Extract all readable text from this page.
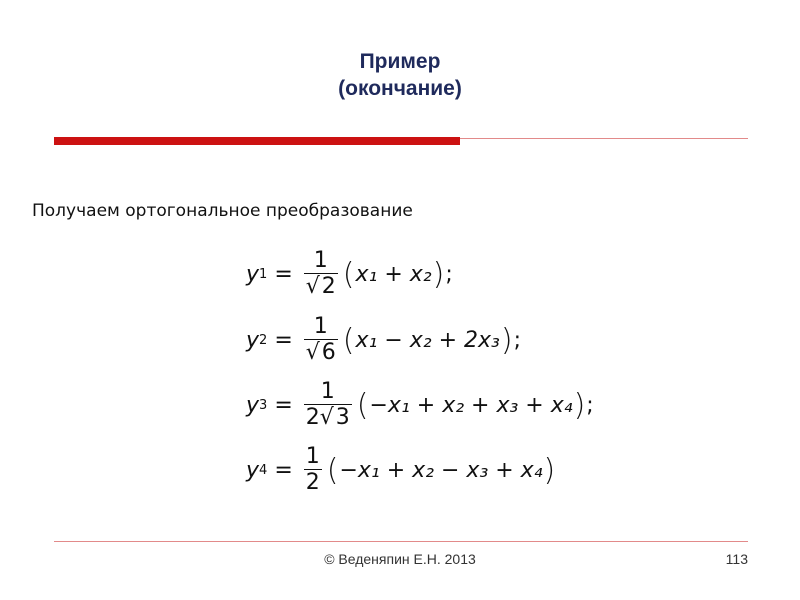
Пример
(окончание)
Получаем ортогональное преобразование
y $1 = \frac{1}{√2}$ ( x₁ + x₂ ) ;
y $2 = \frac{1}{√6}$ ( x₁ − x₂ + 2x₃ ) ;
y $3 = \frac{1}{2√3}$ ( −x₁ + x₂ + x₃ + x₄ ) ;
y $4 = \frac{1}{2}$ ( −x₁ + x₂ − x₃ + x₄ )
© Веденяпин Е.Н. 2013	113
